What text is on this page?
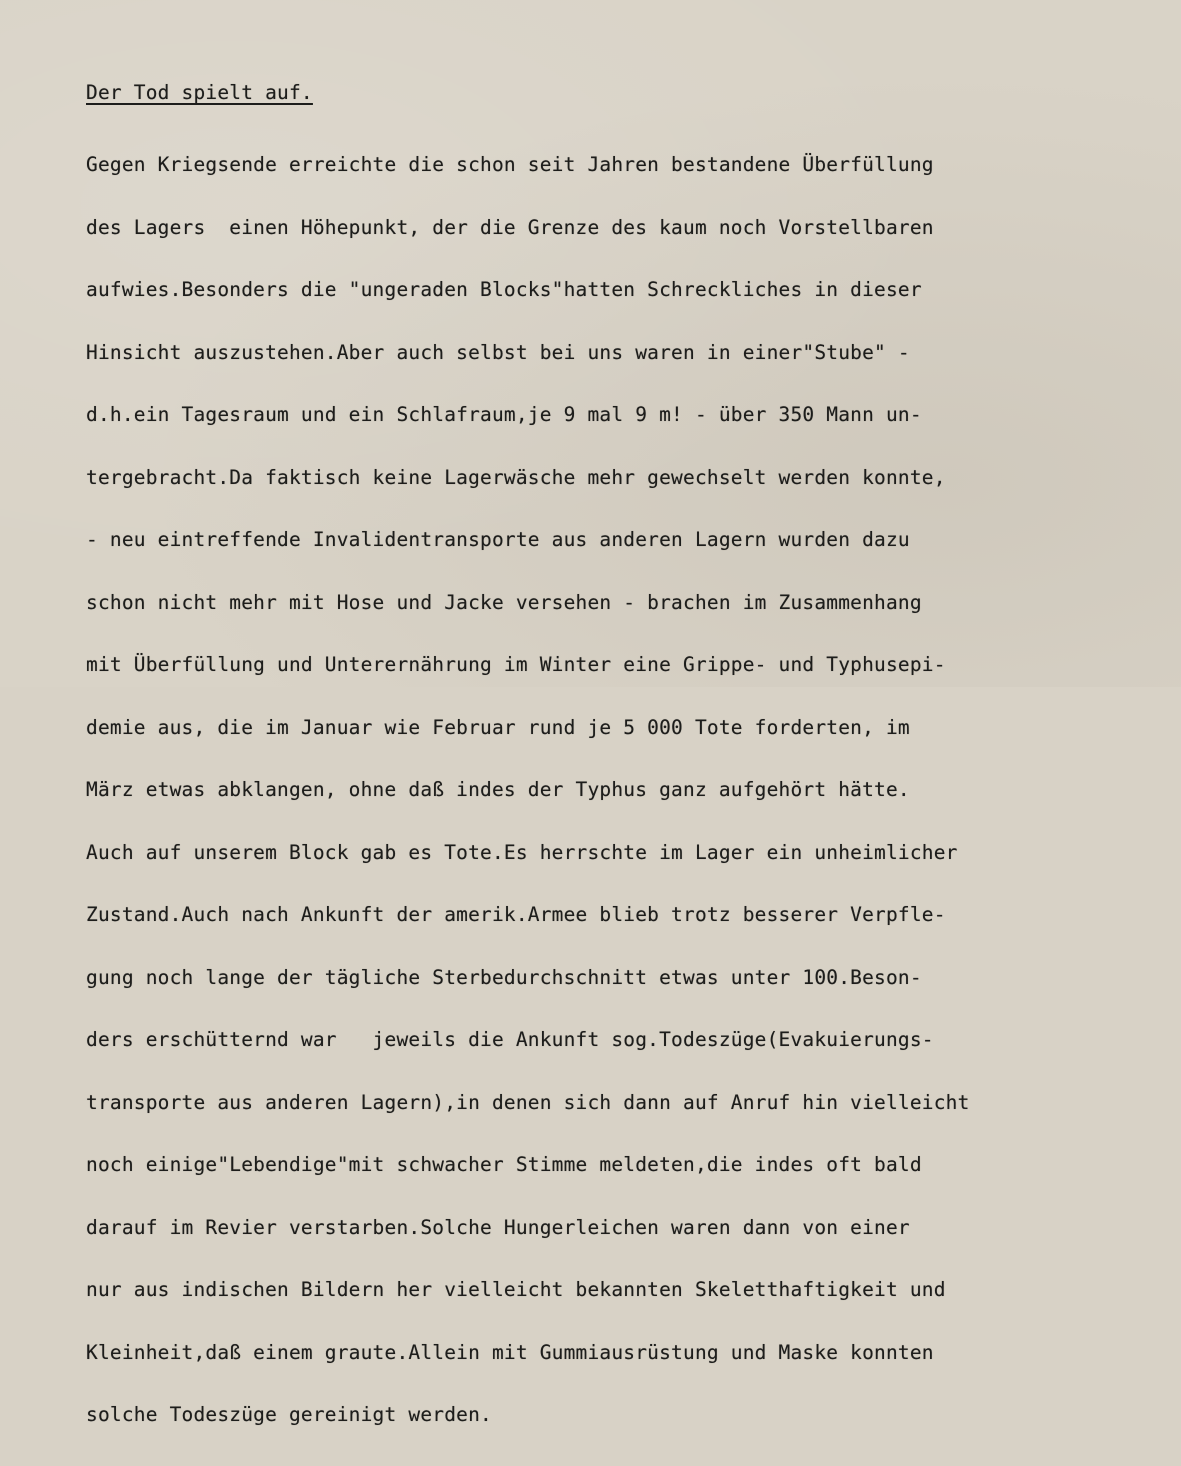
Der Tod spielt auf.

Gegen Kriegsende erreichte die schon seit Jahren bestandene Überfüllung

des Lagers  einen Höhepunkt, der die Grenze des kaum noch Vorstellbaren

aufwies.Besonders die "ungeraden Blocks"hatten Schreckliches in dieser

Hinsicht auszustehen.Aber auch selbst bei uns waren in einer"Stube" -

d.h.ein Tagesraum und ein Schlafraum,je 9 mal 9 m! - über 350 Mann un-

tergebracht.Da faktisch keine Lagerwäsche mehr gewechselt werden konnte,

- neu eintreffende Invalidentransporte aus anderen Lagern wurden dazu

schon nicht mehr mit Hose und Jacke versehen - brachen im Zusammenhang

mit Überfüllung und Unterernährung im Winter eine Grippe- und Typhusepi-

demie aus, die im Januar wie Februar rund je 5 000 Tote forderten, im

März etwas abklangen, ohne daß indes der Typhus ganz aufgehört hätte.

Auch auf unserem Block gab es Tote.Es herrschte im Lager ein unheimlicher

Zustand.Auch nach Ankunft der amerik.Armee blieb trotz besserer Verpfle-

gung noch lange der tägliche Sterbedurchschnitt etwas unter 100.Beson-

ders erschütternd war   jeweils die Ankunft sog.Todeszüge(Evakuierungs-

transporte aus anderen Lagern),in denen sich dann auf Anruf hin vielleicht

noch einige"Lebendige"mit schwacher Stimme meldeten,die indes oft bald

darauf im Revier verstarben.Solche Hungerleichen waren dann von einer

nur aus indischen Bildern her vielleicht bekannten Skeletthaftigkeit und

Kleinheit,daß einem graute.Allein mit Gummiausrüstung und Maske konnten

solche Todeszüge gereinigt werden.
